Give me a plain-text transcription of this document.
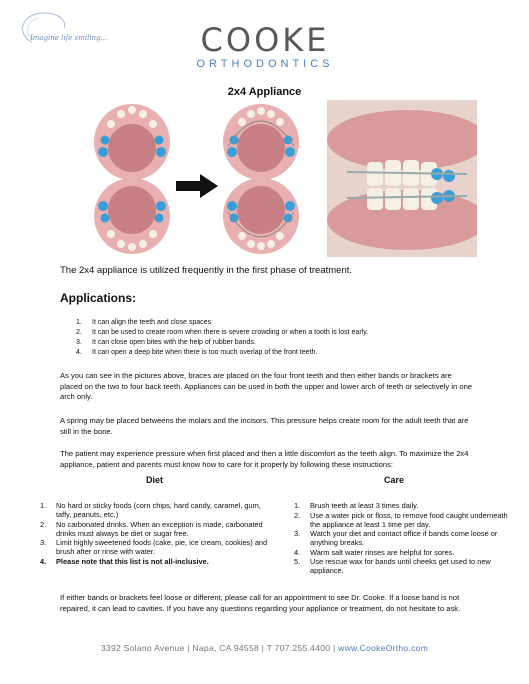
Imagine life smiling...	COOKE
ORTHODONTICS
2x4 Appliance
The 2x4 appliance is utilized frequently in the first phase of treatment.
Applications:
1.	It can align the teeth and close spaces
2.	It can be used to create room when there is severe crowding or when a tooth is lost early.
3.	It can close open bites with the help of rubber bands.
4.	It can open a deep bite when there is too much overlap of the front teeth.
As you can see in the pictures above, braces are placed on the four front teeth and then either bands or brackets are placed on the two to four back teeth. Appliances can be used in both the upper and lower arch of teeth or selectively in one arch only.
A spring may be placed betweens the molars and the incisors. This pressure helps create room for the adult teeth that are still in the bone.
The patient may experience pressure when first placed and then a little discomfort as the teeth align. To maximize the 2x4 appliance, patient and parents must know how to care for it properly by following these instructions:
Diet	Care
1.	No hard or sticky foods (corn chips, hard candy, caramel, gum, taffy, peanuts, etc.)
2.	No carbonated drinks. When an exception is made, carbonated drinks must always be diet or sugar free.
3.	Limit highly sweetened foods (cake, pie, ice cream, cookies) and brush after or rinse with water.
4.	Please note that this list is not all-inclusive.
1.	Brush teeth at least 3 times daily.
2.	Use a water pick or floss, to remove food caught underneath the appliance at least 1 time per day.
3.	Watch your diet and contact office if bands come loose or anything breaks.
4.	Warm salt water rinses are helpful for sores.
5.	Use rescue wax for bands until cheeks get used to new appliance.
If either bands or brackets feel loose or different, please call for an appointment to see Dr. Cooke. If a loose band is not repaired, it can lead to cavities. If you have any questions regarding your appliance or treatment, do not hesitate to ask.
3392 Solano Avenue | Napa, CA 94558 | T 707.255.4400 | www.CookeOrtho.com
